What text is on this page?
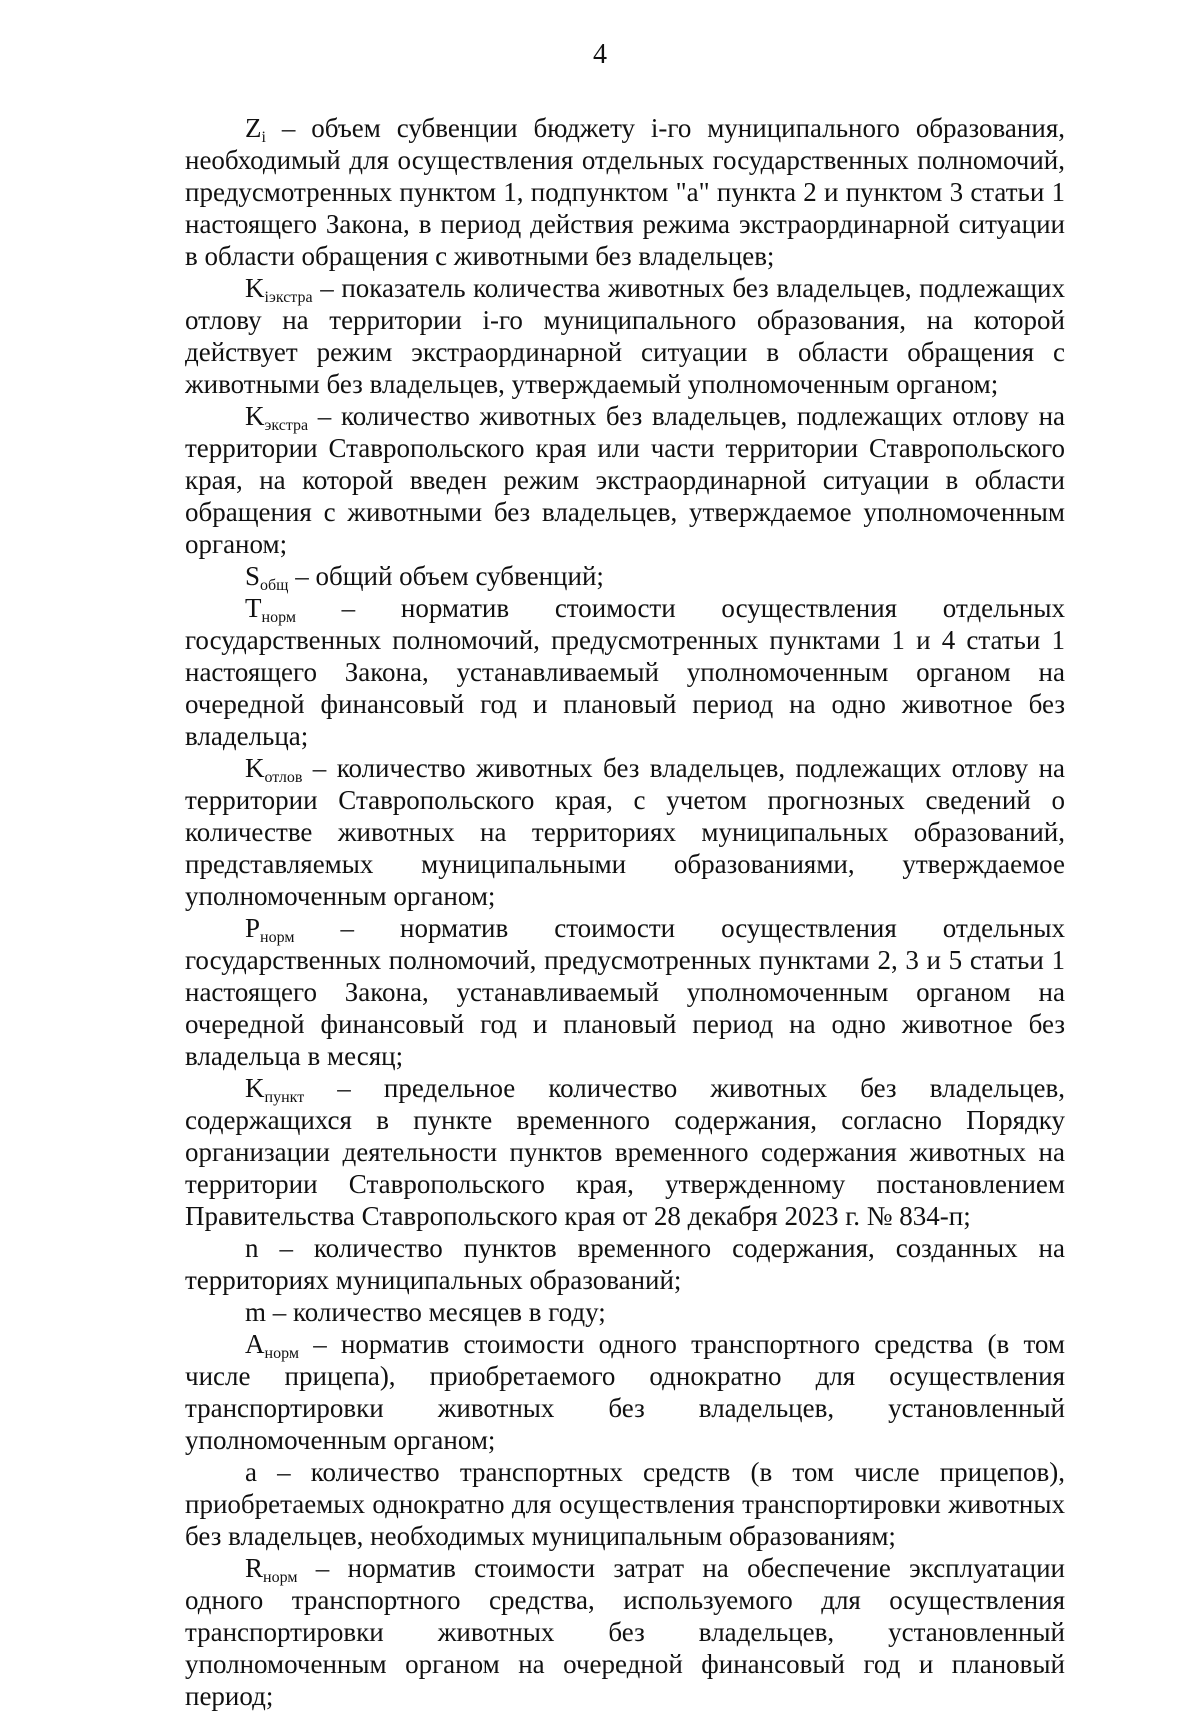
4

$Z_i$ – объем субвенции бюджету i-го муниципального образования, необходимый для осуществления отдельных государственных полномочий, предусмотренных пунктом 1, подпунктом "а" пункта 2 и пунктом 3 статьи 1 настоящего Закона, в период действия режима экстраординарной ситуации в области обращения с животными без владельцев;

$K_{iэкстра}$ – показатель количества животных без владельцев, подлежащих отлову на территории i-го муниципального образования, на которой действует режим экстраординарной ситуации в области обращения с животными без владельцев, утверждаемый уполномоченным органом;

$K_{экстра}$ – количество животных без владельцев, подлежащих отлову на территории Ставропольского края или части территории Ставропольского края, на которой введен режим экстраординарной ситуации в области обращения с животными без владельцев, утверждаемое уполномоченным органом;

$S_{общ}$ – общий объем субвенций;

$T_{норм}$ – норматив стоимости осуществления отдельных государственных полномочий, предусмотренных пунктами 1 и 4 статьи 1 настоящего Закона, устанавливаемый уполномоченным органом на очередной финансовый год и плановый период на одно животное без владельца;

$K_{отлов}$ – количество животных без владельцев, подлежащих отлову на территории Ставропольского края, с учетом прогнозных сведений о количестве животных на территориях муниципальных образований, представляемых муниципальными образованиями, утверждаемое уполномоченным органом;

$P_{норм}$ – норматив стоимости осуществления отдельных государственных полномочий, предусмотренных пунктами 2, 3 и 5 статьи 1 настоящего Закона, устанавливаемый уполномоченным органом на очередной финансовый год и плановый период на одно животное без владельца в месяц;

$K_{пункт}$ – предельное количество животных без владельцев, содержащихся в пункте временного содержания, согласно Порядку организации деятельности пунктов временного содержания животных на территории Ставропольского края, утвержденному постановлением Правительства Ставропольского края от 28 декабря 2023 г. № 834-п;

n – количество пунктов временного содержания, созданных на территориях муниципальных образований;

m – количество месяцев в году;

$A_{норм}$ – норматив стоимости одного транспортного средства (в том числе прицепа), приобретаемого однократно для осуществления транспортировки животных без владельцев, установленный уполномоченным органом;

a – количество транспортных средств (в том числе прицепов), приобретаемых однократно для осуществления транспортировки животных без владельцев, необходимых муниципальным образованиям;

$R_{норм}$ – норматив стоимости затрат на обеспечение эксплуатации одного транспортного средства, используемого для осуществления транспортировки животных без владельцев, установленный уполномоченным органом на очередной финансовый год и плановый период;
